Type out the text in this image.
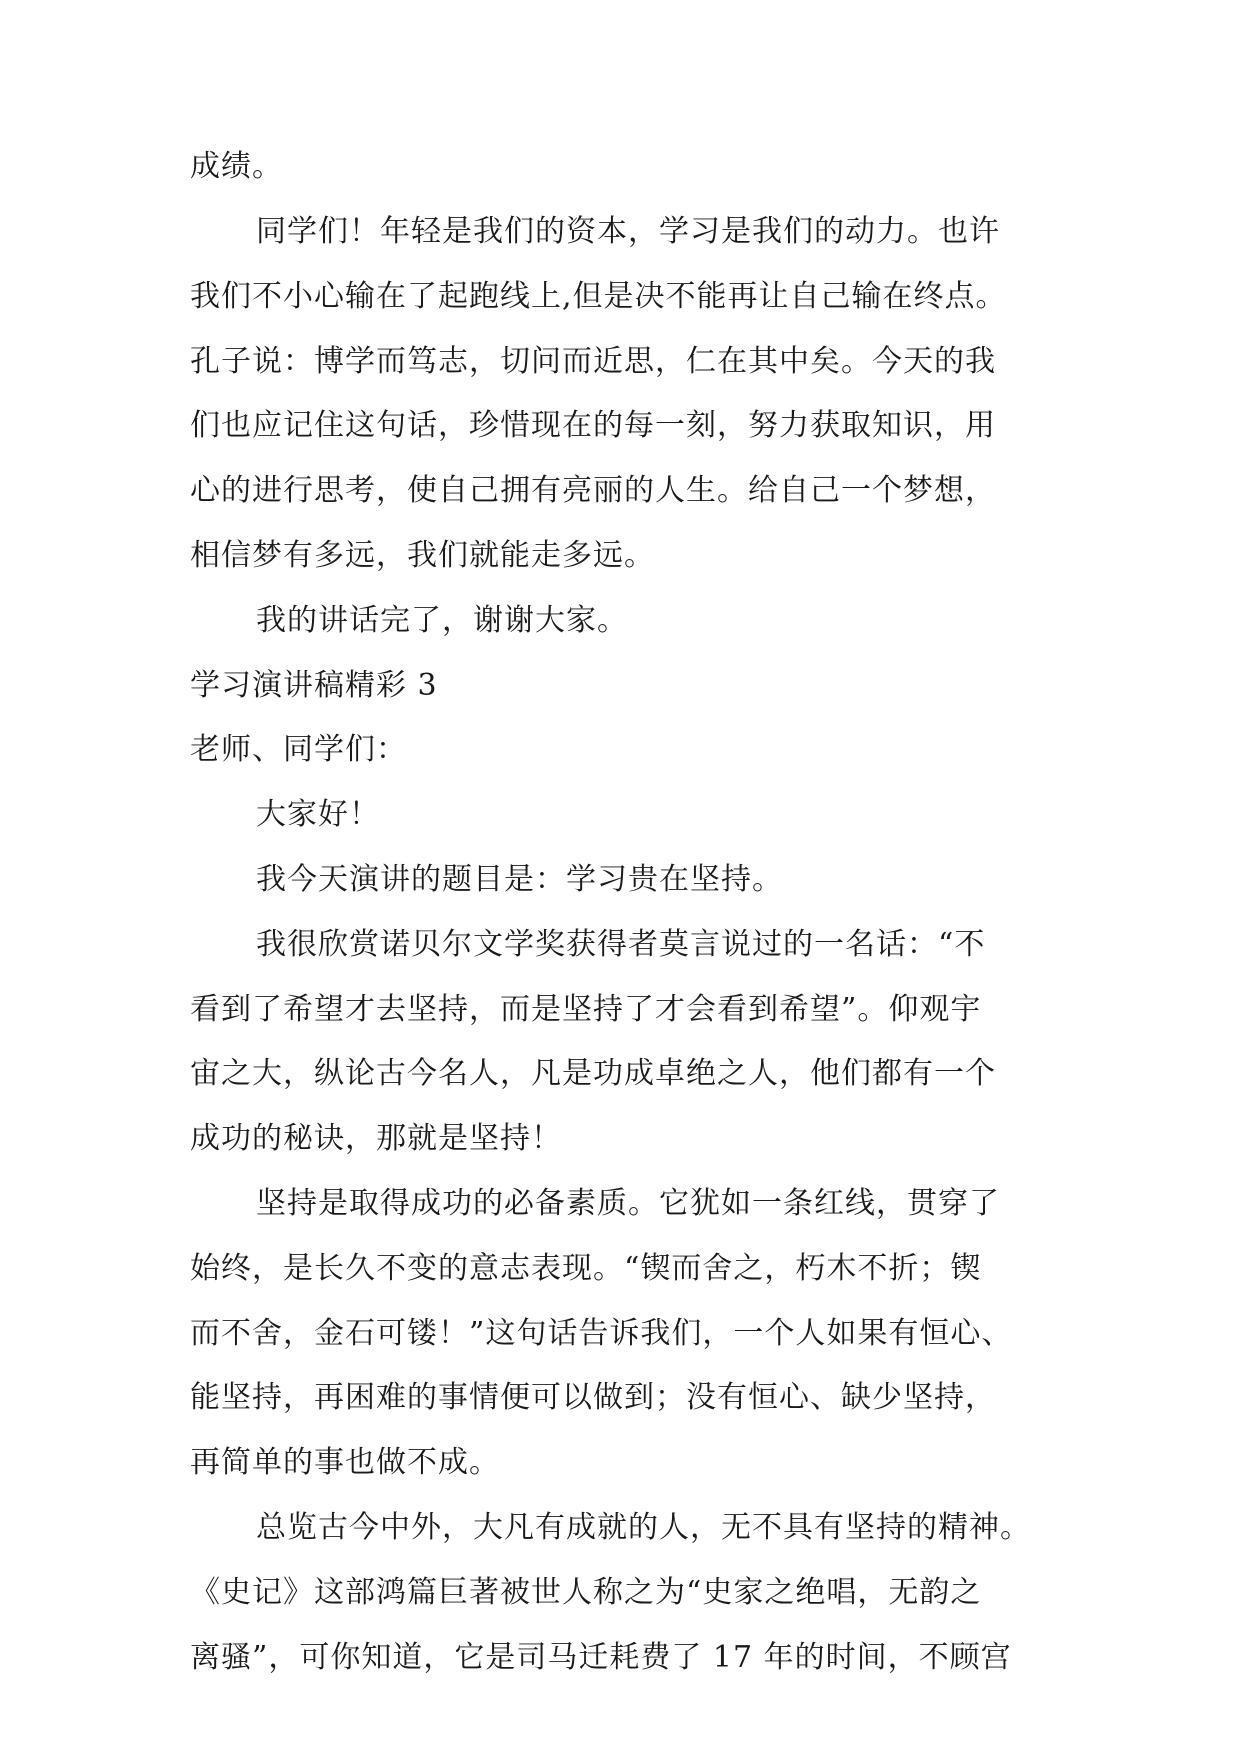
成绩。
同学们！年轻是我们的资本，学习是我们的动力。也许
我们不小心输在了起跑线上,但是决不能再让自己输在终点。
孔子说：博学而笃志，切问而近思，仁在其中矣。今天的我
们也应记住这句话，珍惜现在的每一刻，努力获取知识，用
心的进行思考，使自己拥有亮丽的人生。给自己一个梦想，
相信梦有多远，我们就能走多远。
我的讲话完了，谢谢大家。
学习演讲稿精彩 3
老师、同学们：
大家好！
我今天演讲的题目是：学习贵在坚持。
我很欣赏诺贝尔文学奖获得者莫言说过的一名话：“不
看到了希望才去坚持，而是坚持了才会看到希望”。仰观宇
宙之大，纵论古今名人，凡是功成卓绝之人，他们都有一个
成功的秘诀，那就是坚持！
坚持是取得成功的必备素质。它犹如一条红线，贯穿了
始终，是长久不变的意志表现。“锲而舍之，朽木不折；锲
而不舍，金石可镂！”这句话告诉我们，一个人如果有恒心、
能坚持，再困难的事情便可以做到；没有恒心、缺少坚持，
再简单的事也做不成。
总览古今中外，大凡有成就的人，无不具有坚持的精神。
《史记》这部鸿篇巨著被世人称之为“史家之绝唱，无韵之
离骚”，可你知道，它是司马迁耗费了 17 年的时间，不顾宫
